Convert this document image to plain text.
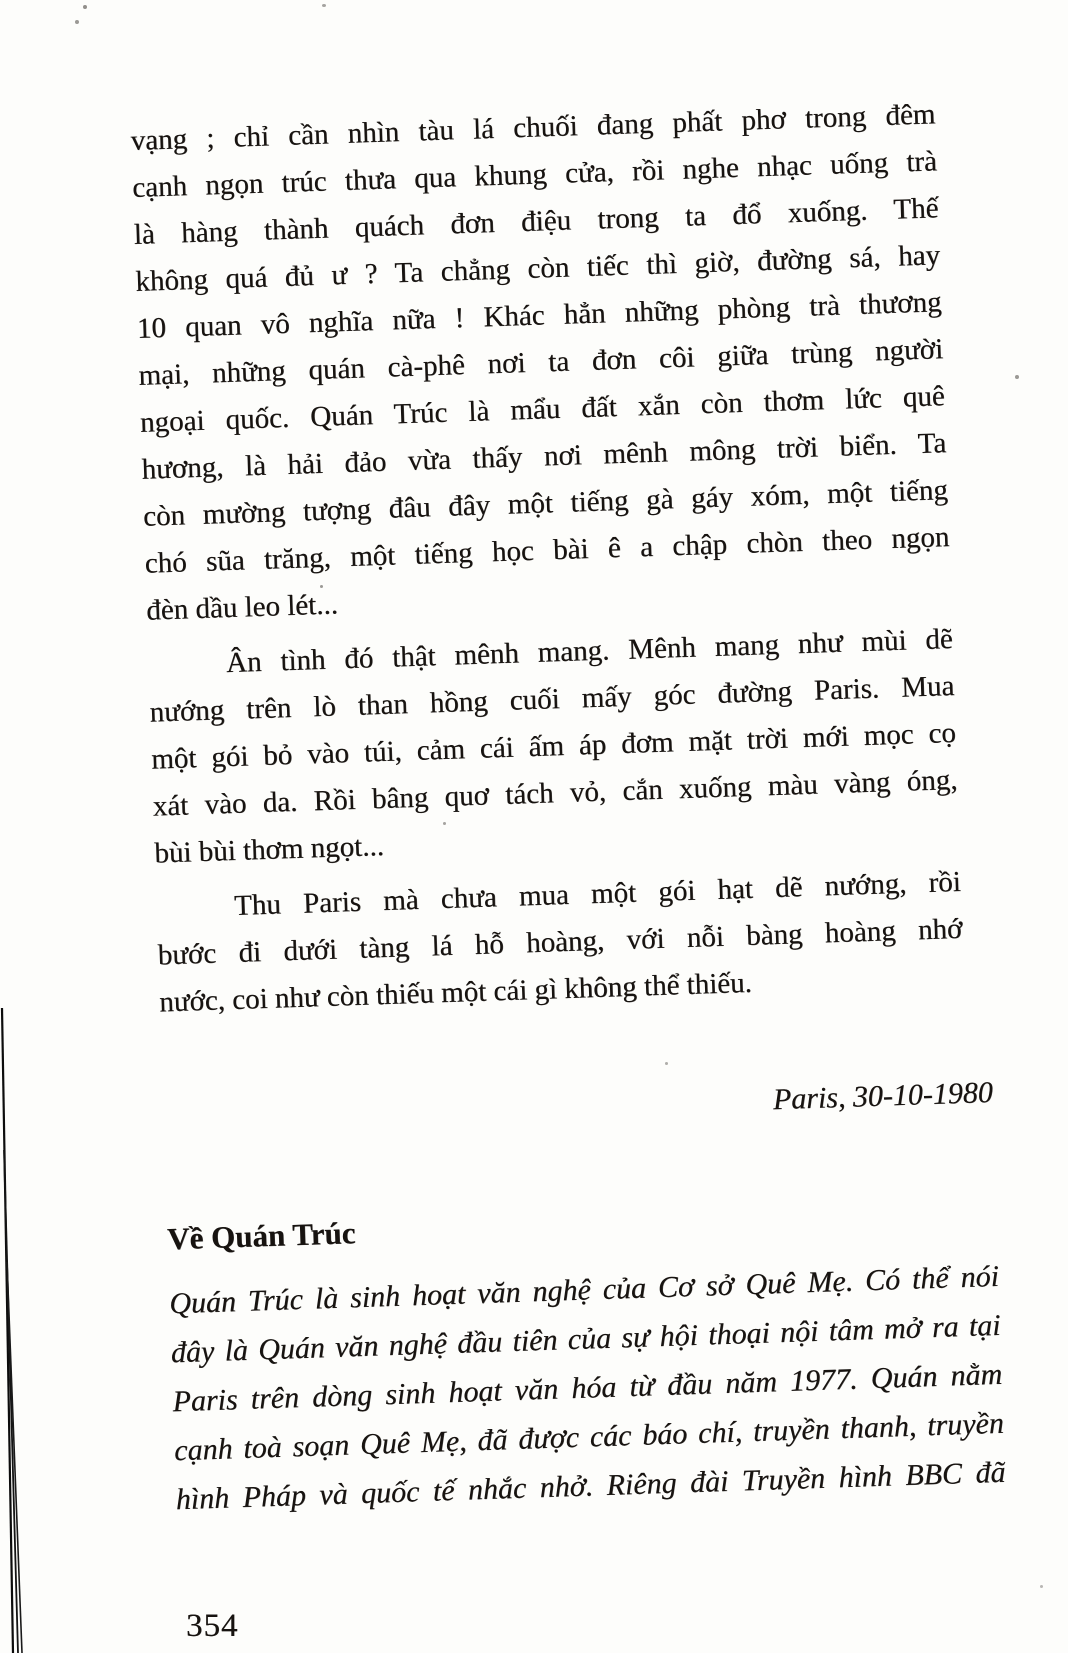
vạng ; chỉ cần nhìn tàu lá chuối đang phất phơ trong đêm
cạnh ngọn trúc thưa qua khung cửa, rồi nghe nhạc uống trà
là hàng thành quách đơn điệu trong ta đổ xuống. Thế
không quá đủ ư ? Ta chẳng còn tiếc thì giờ, đường sá, hay
10 quan vô nghĩa nữa ! Khác hẳn những phòng trà thương
mại, những quán cà-phê nơi ta đơn côi giữa trùng người
ngoại quốc. Quán Trúc là mẩu đất xắn còn thơm lức quê
hương, là hải đảo vừa thấy nơi mênh mông trời biển. Ta
còn mường tượng đâu đây một tiếng gà gáy xóm, một tiếng
chó sũa trăng, một tiếng học bài ê a chập chòn theo ngọn
đèn dầu leo lét...
Ân tình đó thật mênh mang. Mênh mang như mùi dẽ
nướng trên lò than hồng cuối mấy góc đường Paris. Mua
một gói bỏ vào túi, cảm cái ấm áp đơm mặt trời mới mọc cọ
xát vào da. Rồi bâng quơ tách vỏ, cắn xuống màu vàng óng,
bùi bùi thơm ngọt...
Thu Paris mà chưa mua một gói hạt dẽ nướng, rồi
bước đi dưới tàng lá hỗ hoàng, với nỗi bàng hoàng nhớ
nước, coi như còn thiếu một cái gì không thể thiếu.
Paris, 30-10-1980
Về Quán Trúc
Quán Trúc là sinh hoạt văn nghệ của Cơ sở Quê Mẹ. Có thể nói
đây là Quán văn nghệ đầu tiên của sự hội thoại nội tâm mở ra tại
Paris trên dòng sinh hoạt văn hóa từ đầu năm 1977. Quán nằm
cạnh toà soạn Quê Mẹ, đã được các báo chí, truyền thanh, truyền
hình Pháp và quốc tế nhắc nhở. Riêng đài Truyền hình BBC đã
354
